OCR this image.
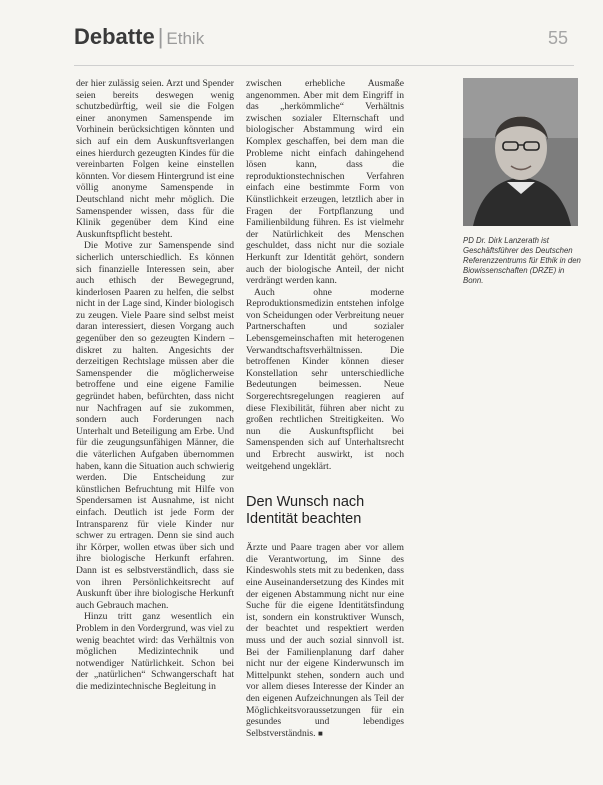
Debatte | Ethik	55

der hier zulässig seien. Arzt und Spender seien bereits deswegen wenig schutzbedürftig, weil sie die Folgen einer anonymen Samenspende im Vorhinein berücksichtigen könnten und sich auf ein dem Auskunftsverlangen eines hierdurch gezeugten Kindes für die vereinbarten Folgen keine einstellen könnten. Vor diesem Hintergrund ist eine völlig anonyme Samenspende in Deutschland nicht mehr möglich. Die Samenspender wissen, dass für die Klinik gegenüber dem Kind eine Auskunftspflicht besteht.

Die Motive zur Samenspende sind sicherlich unterschiedlich. Es können sich finanzielle Interessen sein, aber auch ethisch der Bewegegrund, kinderlosen Paaren zu helfen, die selbst nicht in der Lage sind, Kinder biologisch zu zeugen. Viele Paare sind selbst meist daran interessiert, diesen Vorgang auch gegenüber den so gezeugten Kindern – diskret zu halten. Angesichts der derzeitigen Rechtslage müssen aber die Samenspender die möglicherweise betroffene und eine eigene Familie gegründet haben, befürchten, dass nicht nur Nachfragen auf sie zukommen, sondern auch Forderungen nach Unterhalt und Beteiligung am Erbe. Und für die zeugungsunfähigen Männer, die die väterlichen Aufgaben übernommen haben, kann die Situation auch schwierig werden. Die Entscheidung zur künstlichen Befruchtung mit Hilfe von Spendersamen ist Ausnahme, ist nicht einfach. Deutlich ist jede Form der Intransparenz für viele Kinder nur schwer zu ertragen. Denn sie sind auch ihr Körper, wollen etwas über sich und ihre biologische Herkunft erfahren. Dann ist es selbstverständlich, dass sie von ihren Persönlichkeitsrecht auf Auskunft über ihre biologische Herkunft auch Gebrauch machen.

Hinzu tritt ganz wesentlich ein Problem in den Vordergrund, was viel zu wenig beachtet wird: das Verhältnis von möglichen Medizintechnik und notwendiger Natürlichkeit. Schon bei der „natürlichen“ Schwangerschaft hat die medizintechnische Begleitung in

zwischen erhebliche Ausmaße angenommen. Aber mit dem Eingriff in das „herkömmliche“ Verhältnis zwischen sozialer Elternschaft und biologischer Abstammung wird ein Komplex geschaffen, bei dem man die Probleme nicht einfach dahingehend lösen kann, dass die reproduktionstechnischen Verfahren einfach eine bestimmte Form von Künstlichkeit erzeugen, letztlich aber in Fragen der Fortpflanzung und Familienbildung führen. Es ist vielmehr der Natürlichkeit des Menschen geschuldet, dass nicht nur die soziale Herkunft zur Identität gehört, sondern auch der biologische Anteil, der nicht verdrängt werden kann.

Auch ohne moderne Reproduktionsmedizin entstehen infolge von Scheidungen oder Verbreitung neuer Partnerschaften und sozialer Lebensgemeinschaften mit heterogenen Verwandtschaftsverhältnissen. Die betroffenen Kinder können dieser Konstellation sehr unterschiedliche Bedeutungen beimessen. Neue Sorgerechtsregelungen reagieren auf diese Flexibilität, führen aber nicht zu großen rechtlichen Streitigkeiten. Wo nun die Auskunftspflicht bei Samenspenden sich auf Unterhaltsrecht und Erbrecht auswirkt, ist noch weitgehend ungeklärt.

Den Wunsch nach Identität beachten

Ärzte und Paare tragen aber vor allem die Verantwortung, im Sinne des Kindeswohls stets mit zu bedenken, dass eine Auseinandersetzung des Kindes mit der eigenen Abstammung nicht nur eine Suche für die eigene Identitätsfindung ist, sondern ein konstruktiver Wunsch, der beachtet und respektiert werden muss und der auch sozial sinnvoll ist. Bei der Familienplanung darf daher nicht nur der eigene Kinderwunsch im Mittelpunkt stehen, sondern auch und vor allem dieses Interesse der Kinder an den eigenen Aufzeichnungen als Teil der Möglichkeitsvoraussetzungen für ein gesundes und lebendiges Selbstverständnis. ■

PD Dr. Dirk Lanzerath ist Geschäftsführer des Deutschen Referenzzentrums für Ethik in den Biowissenschaften (DRZE) in Bonn.
